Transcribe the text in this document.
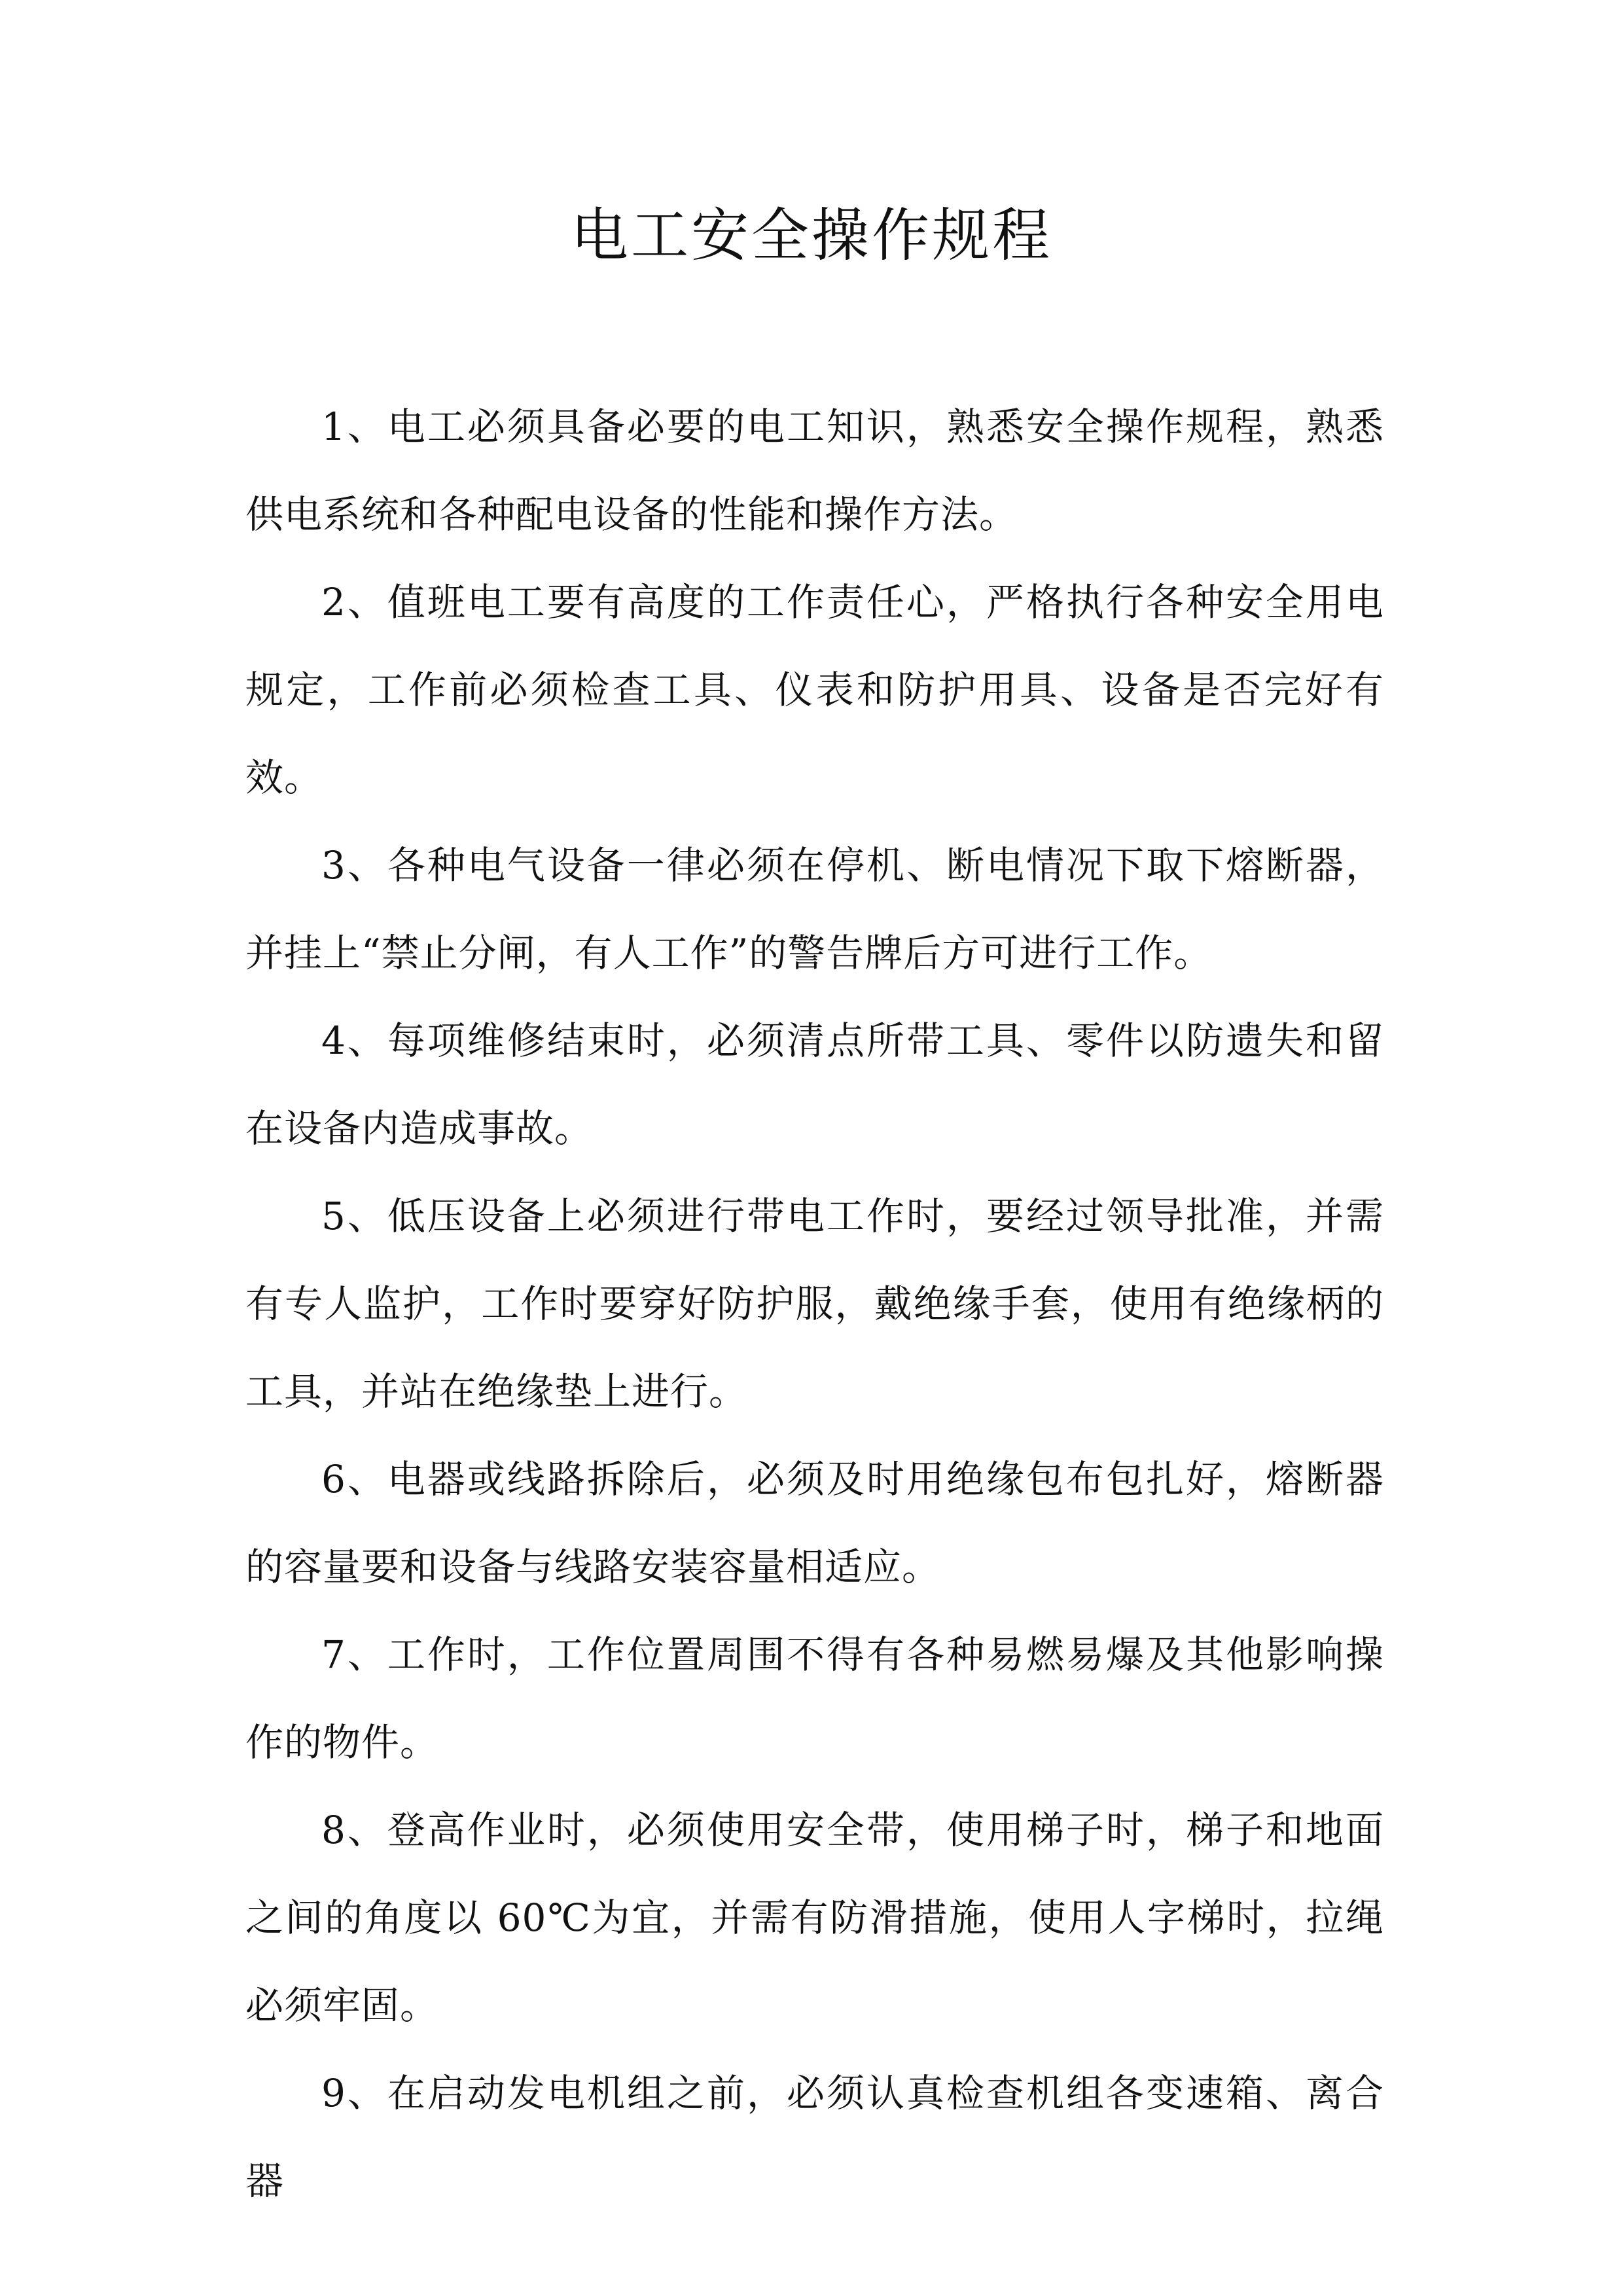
电工安全操作规程

1、电工必须具备必要的电工知识，熟悉安全操作规程，熟悉供电系统和各种配电设备的性能和操作方法。

2、值班电工要有高度的工作责任心，严格执行各种安全用电规定，工作前必须检查工具、仪表和防护用具、设备是否完好有效。

3、各种电气设备一律必须在停机、断电情况下取下熔断器，并挂上“禁止分闸，有人工作”的警告牌后方可进行工作。

4、每项维修结束时，必须清点所带工具、零件以防遗失和留在设备内造成事故。

5、低压设备上必须进行带电工作时，要经过领导批准，并需有专人监护，工作时要穿好防护服，戴绝缘手套，使用有绝缘柄的工具，并站在绝缘垫上进行。

6、电器或线路拆除后，必须及时用绝缘包布包扎好，熔断器的容量要和设备与线路安装容量相适应。

7、工作时，工作位置周围不得有各种易燃易爆及其他影响操作的物件。

8、登高作业时，必须使用安全带，使用梯子时，梯子和地面之间的角度以 60℃为宜，并需有防滑措施，使用人字梯时，拉绳必须牢固。

9、在启动发电机组之前，必须认真检查机组各变速箱、离合器
